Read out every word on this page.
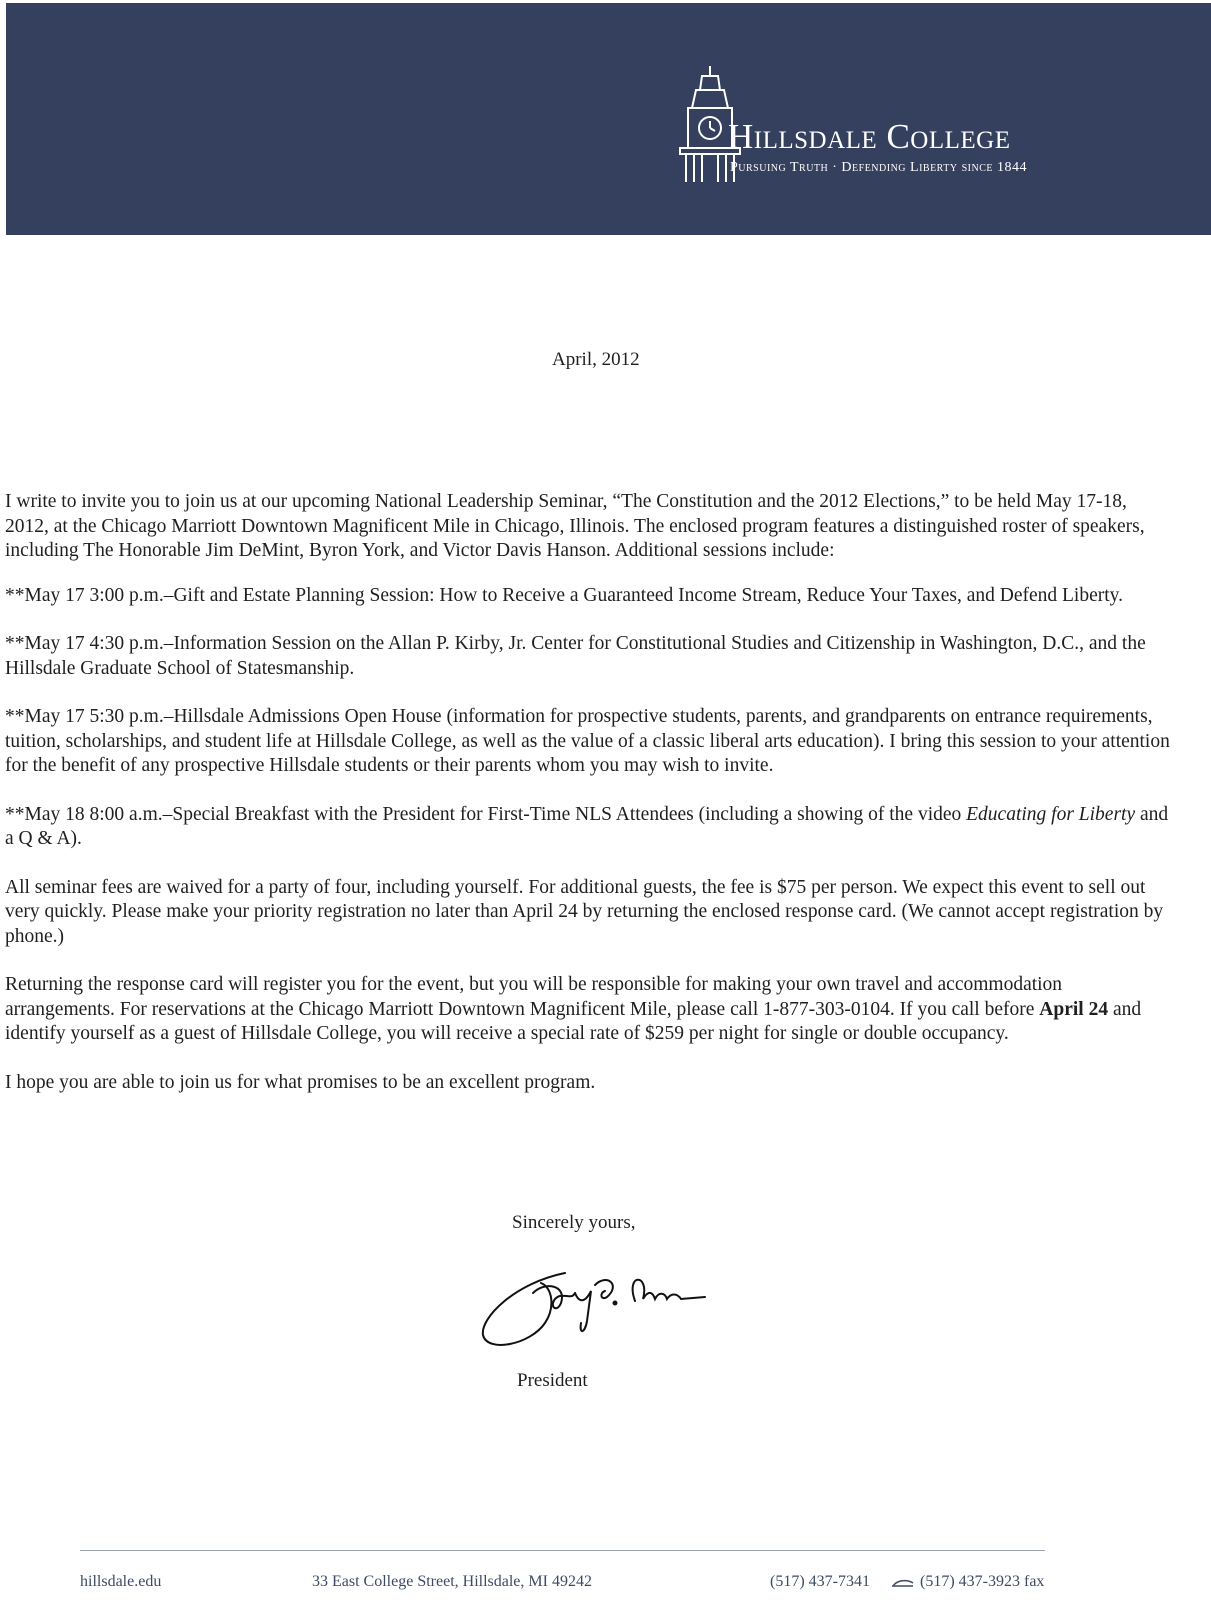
Hillsdale College
Pursuing Truth · Defending Liberty since 1844
April, 2012

I write to invite you to join us at our upcoming National Leadership Seminar, “The Constitution and the 2012 Elections,” to be held May 17-18, 2012, at the Chicago Marriott Downtown Magnificent Mile in Chicago, Illinois. The enclosed program features a distinguished roster of speakers, including The Honorable Jim DeMint, Byron York, and Victor Davis Hanson. Additional sessions include:

**May 17 3:00 p.m.–Gift and Estate Planning Session: How to Receive a Guaranteed Income Stream, Reduce Your Taxes, and Defend Liberty.

**May 17 4:30 p.m.–Information Session on the Allan P. Kirby, Jr. Center for Constitutional Studies and Citizenship in Washington, D.C., and the Hillsdale Graduate School of Statesmanship.

**May 17 5:30 p.m.–Hillsdale Admissions Open House (information for prospective students, parents, and grandparents on entrance requirements, tuition, scholarships, and student life at Hillsdale College, as well as the value of a classic liberal arts education). I bring this session to your attention for the benefit of any prospective Hillsdale students or their parents whom you may wish to invite.

**May 18 8:00 a.m.–Special Breakfast with the President for First-Time NLS Attendees (including a showing of the video Educating for Liberty and a Q & A).

All seminar fees are waived for a party of four, including yourself. For additional guests, the fee is $75 per person. We expect this event to sell out very quickly. Please make your priority registration no later than April 24 by returning the enclosed response card. (We cannot accept registration by phone.)

Returning the response card will register you for the event, but you will be responsible for making your own travel and accommodation arrangements. For reservations at the Chicago Marriott Downtown Magnificent Mile, please call 1-877-303-0104. If you call before April 24 and identify yourself as a guest of Hillsdale College, you will receive a special rate of $259 per night for single or double occupancy.

I hope you are able to join us for what promises to be an excellent program.

Sincerely yours,
President
hillsdale.edu	33 East College Street, Hillsdale, MI 49242	(517) 437-7341	(517) 437-3923 fax
